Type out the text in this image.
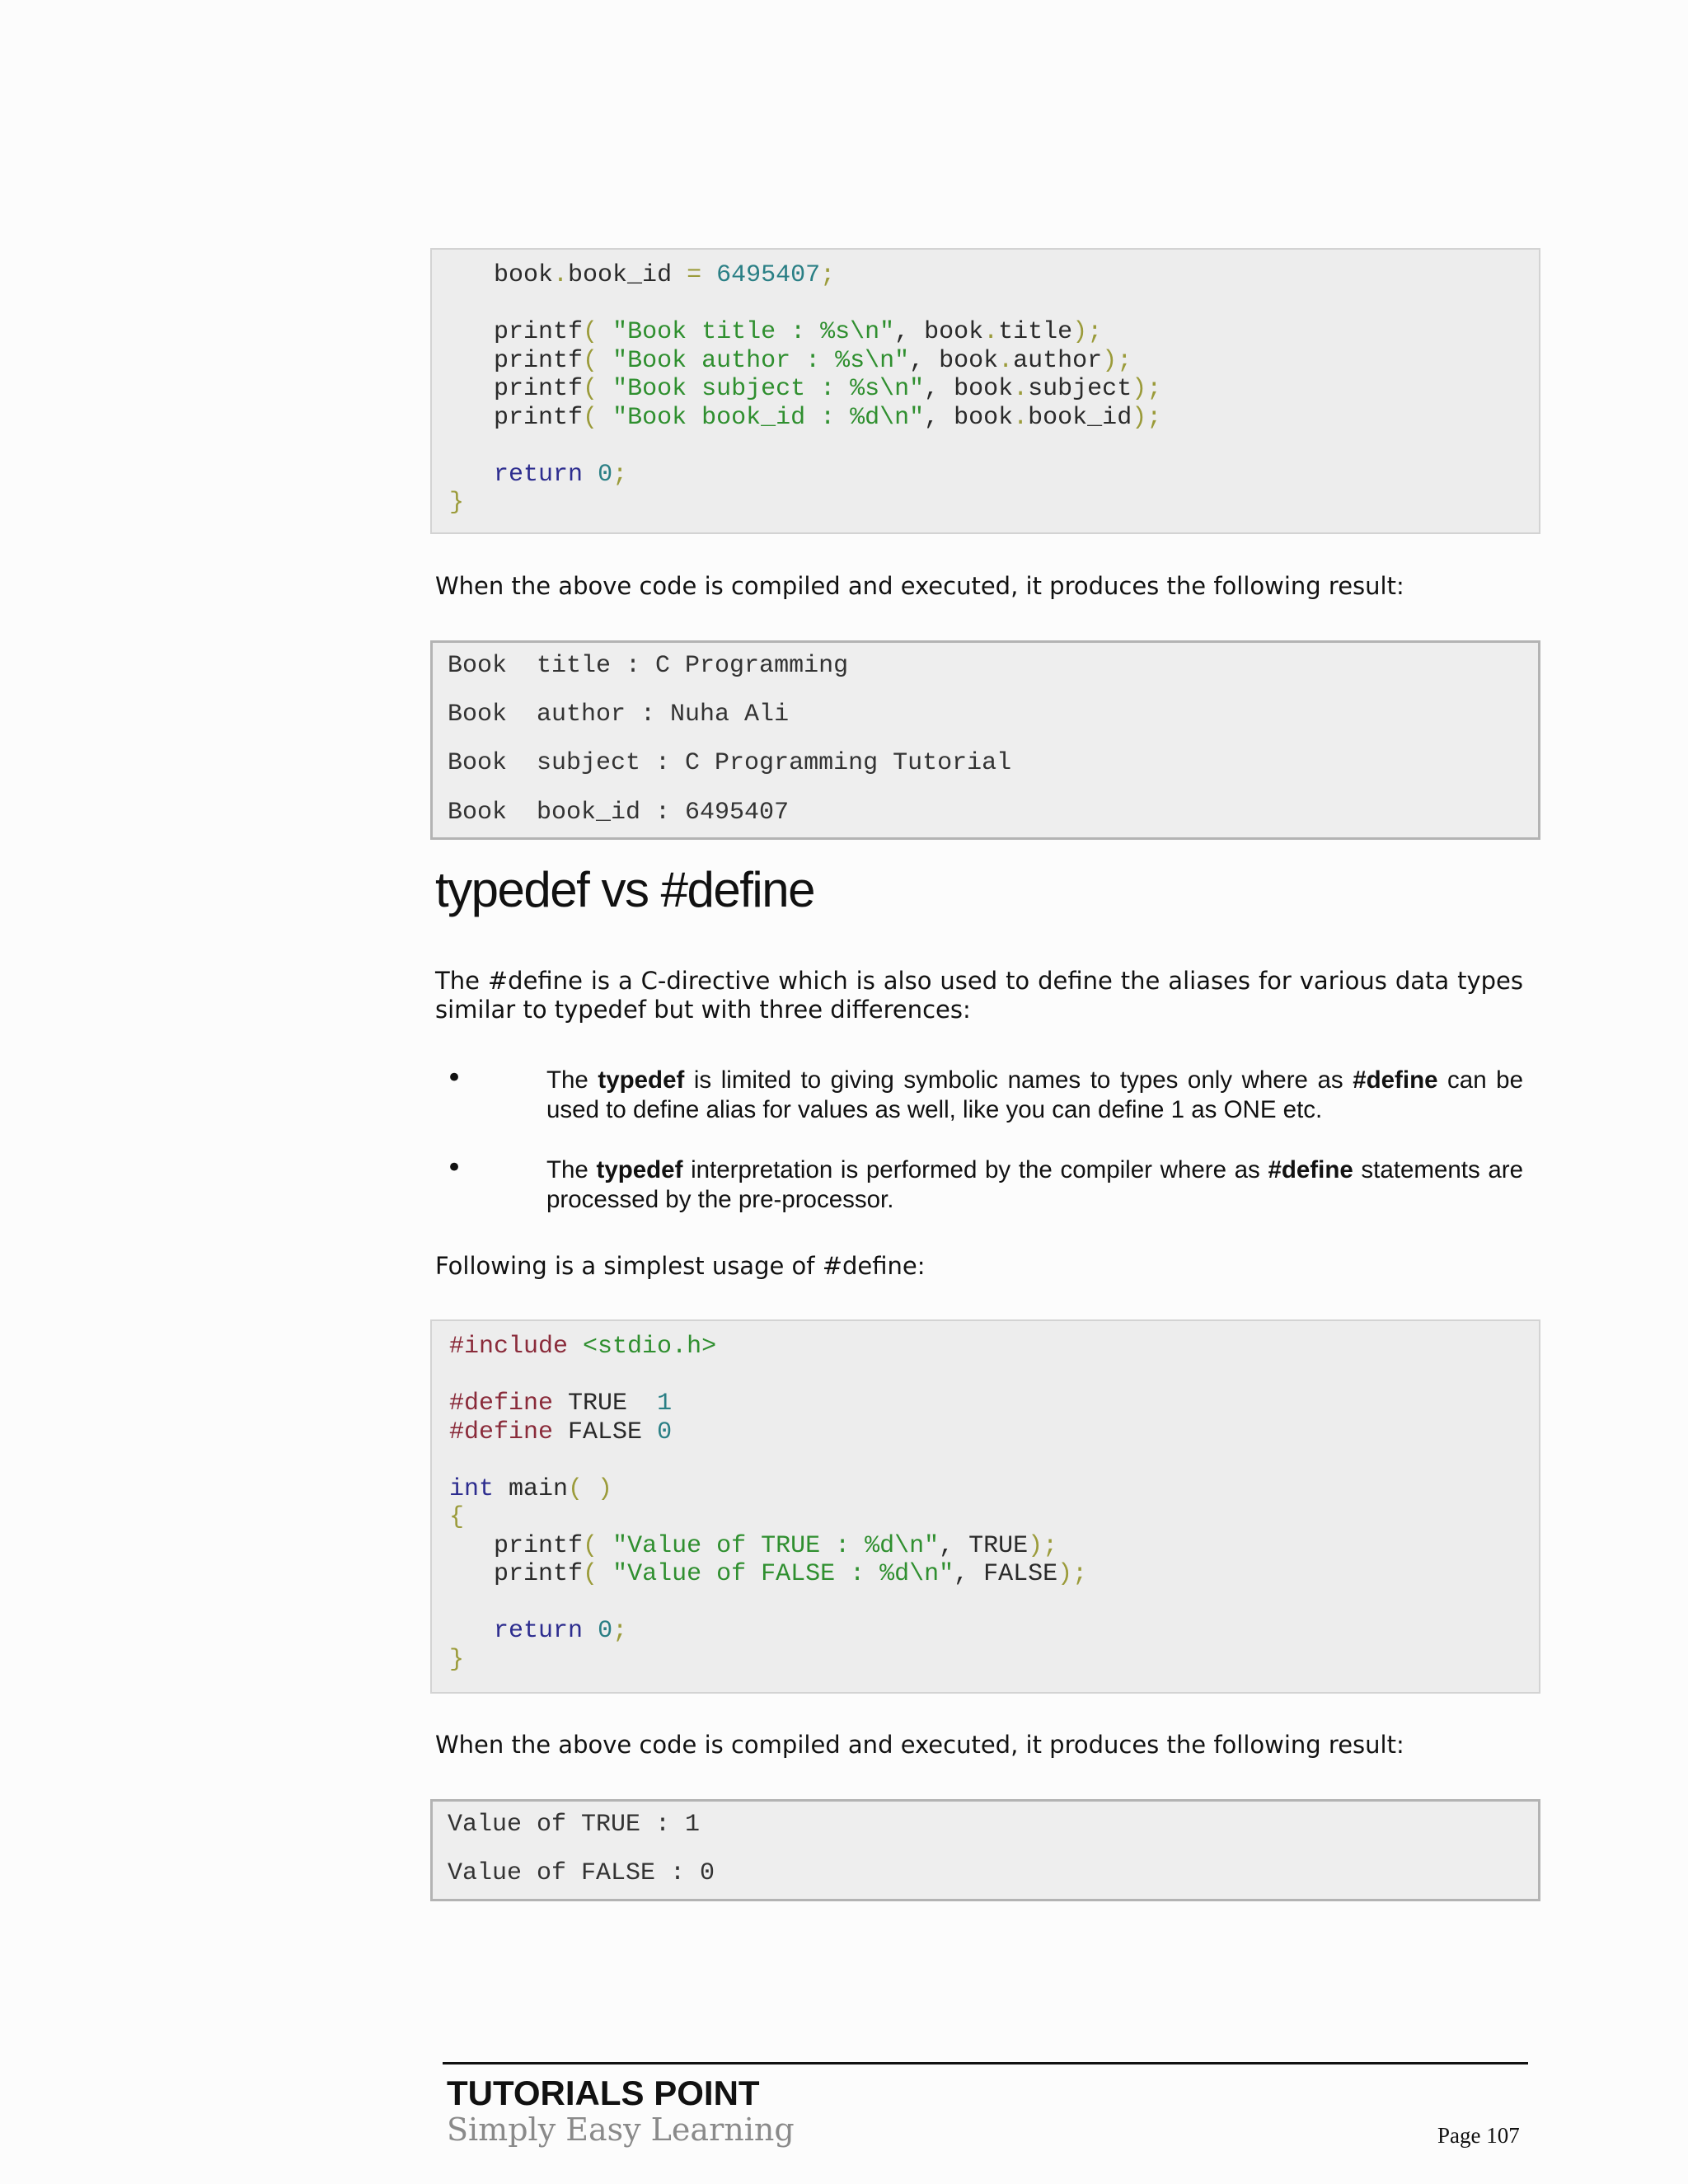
book.book_id = 6495407;

printf( "Book title : %s\n", book.title);
printf( "Book author : %s\n", book.author);
printf( "Book subject : %s\n", book.subject);
printf( "Book book_id : %d\n", book.book_id);

return 0;
}
When the above code is compiled and executed, it produces the following result:
Book  title : C Programming
Book  author : Nuha Ali
Book  subject : C Programming Tutorial
Book  book_id : 6495407
typedef vs #define
The #define is a C-directive which is also used to define the aliases for various data types similar to typedef but with three differences:
•	The typedef is limited to giving symbolic names to types only where as #define can be used to define alias for values as well, like you can define 1 as ONE etc.
•	The typedef interpretation is performed by the compiler where as #define statements are processed by the pre-processor.
Following is a simplest usage of #define:
#include <stdio.h>

#define TRUE  1
#define FALSE 0

int main( )
{
printf( "Value of TRUE : %d\n", TRUE);
printf( "Value of FALSE : %d\n", FALSE);

return 0;
}
When the above code is compiled and executed, it produces the following result:
Value of TRUE : 1
Value of FALSE : 0
TUTORIALS POINT
Simply Easy Learning	Page 107
